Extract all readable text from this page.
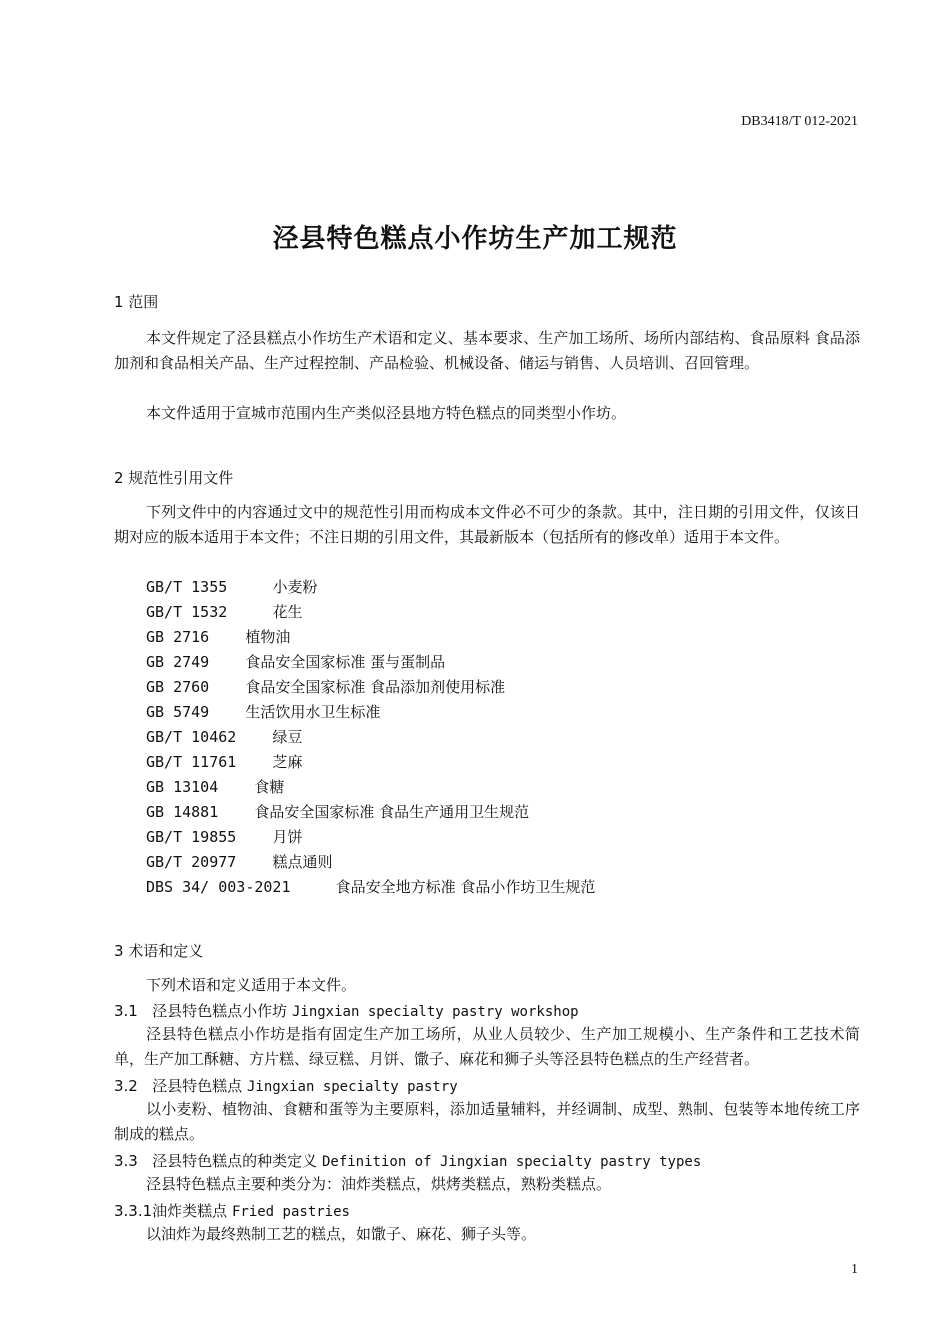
DB3418/T 012-2021
泾县特色糕点小作坊生产加工规范
1 范围

本文件规定了泾县糕点小作坊生产术语和定义、基本要求、生产加工场所、场所内部结构、食品原料 食品添加剂和食品相关产品、生产过程控制、产品检验、机械设备、储运与销售、人员培训、召回管理。

本文件适用于宣城市范围内生产类似泾县地方特色糕点的同类型小作坊。

2 规范性引用文件

下列文件中的内容通过文中的规范性引用而构成本文件必不可少的条款。其中，注日期的引用文件，仅该日期对应的版本适用于本文件；不注日期的引用文件，其最新版本（包括所有的修改单）适用于本文件。

GB/T 1355	小麦粉
GB/T 1532	花生
GB 2716 植物油
GB 2749 食品安全国家标准 蛋与蛋制品
GB 2760 食品安全国家标准 食品添加剂使用标准
GB 5749 生活饮用水卫生标准
GB/T 10462 绿豆
GB/T 11761 芝麻
GB 13104 食糖
GB 14881 食品安全国家标准 食品生产通用卫生规范
GB/T 19855 月饼
GB/T 20977 糕点通则
DBS 34/ 003-2021	食品安全地方标准 食品小作坊卫生规范
3 术语和定义

下列术语和定义适用于本文件。

3.1 泾县特色糕点小作坊 Jingxian specialty pastry workshop

泾县特色糕点小作坊是指有固定生产加工场所，从业人员较少、生产加工规模小、生产条件和工艺技术简单，生产加工酥糖、方片糕、绿豆糕、月饼、馓子、麻花和狮子头等泾县特色糕点的生产经营者。

3.2 泾县特色糕点 Jingxian specialty pastry

以小麦粉、植物油、食糖和蛋等为主要原料，添加适量辅料，并经调制、成型、熟制、包装等本地传统工序制成的糕点。

3.3 泾县特色糕点的种类定义 Definition of Jingxian specialty pastry types

泾县特色糕点主要种类分为：油炸类糕点，烘烤类糕点，熟粉类糕点。

3.3.1油炸类糕点 Fried pastries

以油炸为最终熟制工艺的糕点，如馓子、麻花、狮子头等。

1
